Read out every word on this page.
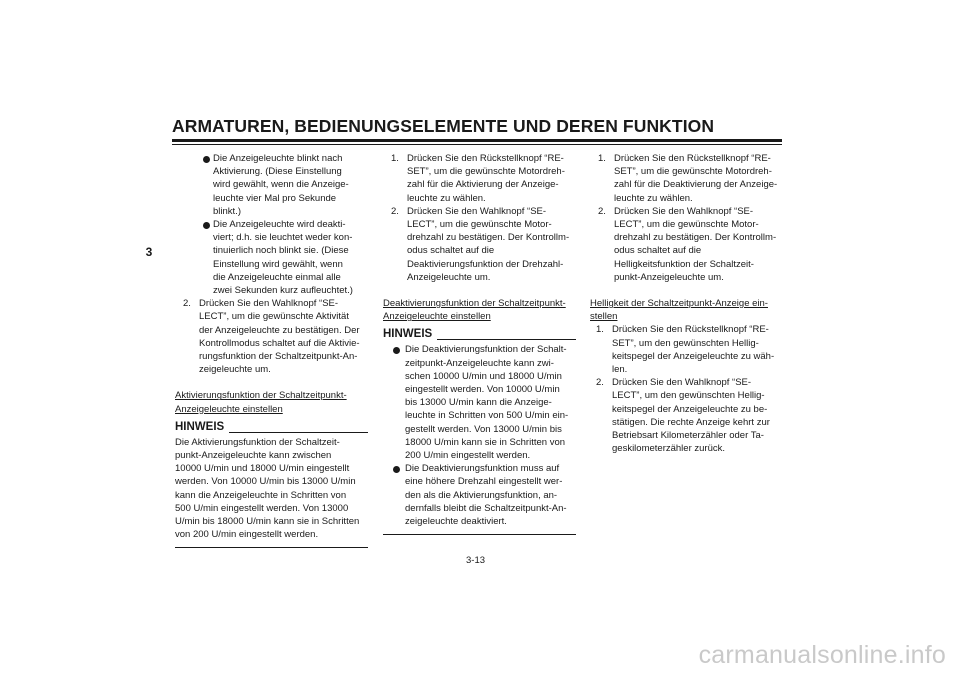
ARMATUREN, BEDIENUNGSELEMENTE UND DEREN FUNKTION
3

Die Anzeigeleuchte blinkt nach
Aktivierung. (Diese Einstellung
wird gewählt, wenn die Anzeige-
leuchte vier Mal pro Sekunde
blinkt.)

Die Anzeigeleuchte wird deakti-
viert; d.h. sie leuchtet weder kon-
tinuierlich noch blinkt sie. (Diese
Einstellung wird gewählt, wenn
die Anzeigeleuchte einmal alle
zwei Sekunden kurz aufleuchtet.)

2. Drücken Sie den Wahlknopf “SE-
LECT”, um die gewünschte Aktivität
der Anzeigeleuchte zu bestätigen. Der
Kontrollmodus schaltet auf die Aktivie-
rungsfunktion der Schaltzeitpunkt-An-
zeigeleuchte um.

Aktivierungsfunktion der Schaltzeitpunkt-
Anzeigeleuchte einstellen

HINWEIS

Die Aktivierungsfunktion der Schaltzeit-
punkt-Anzeigeleuchte kann zwischen
10000 U/min und 18000 U/min eingestellt
werden. Von 10000 U/min bis 13000 U/min
kann die Anzeigeleuchte in Schritten von
500 U/min eingestellt werden. Von 13000
U/min bis 18000 U/min kann sie in Schritten
von 200 U/min eingestellt werden.

1. Drücken Sie den Rückstellknopf “RE-
SET”, um die gewünschte Motordreh-
zahl für die Aktivierung der Anzeige-
leuchte zu wählen.

2. Drücken Sie den Wahlknopf “SE-
LECT”, um die gewünschte Motor-
drehzahl zu bestätigen. Der Kontrollm-
odus schaltet auf die
Deaktivierungsfunktion der Drehzahl-
Anzeigeleuchte um.

Deaktivierungsfunktion der Schaltzeitpunkt-
Anzeigeleuchte einstellen

HINWEIS

Die Deaktivierungsfunktion der Schalt-
zeitpunkt-Anzeigeleuchte kann zwi-
schen 10000 U/min und 18000 U/min
eingestellt werden. Von 10000 U/min
bis 13000 U/min kann die Anzeige-
leuchte in Schritten von 500 U/min ein-
gestellt werden. Von 13000 U/min bis
18000 U/min kann sie in Schritten von
200 U/min eingestellt werden.

Die Deaktivierungsfunktion muss auf
eine höhere Drehzahl eingestellt wer-
den als die Aktivierungsfunktion, an-
dernfalls bleibt die Schaltzeitpunkt-An-
zeigeleuchte deaktiviert.

1. Drücken Sie den Rückstellknopf “RE-
SET”, um die gewünschte Motordreh-
zahl für die Deaktivierung der Anzeige-
leuchte zu wählen.

2. Drücken Sie den Wahlknopf “SE-
LECT”, um die gewünschte Motor-
drehzahl zu bestätigen. Der Kontrollm-
odus schaltet auf die
Helligkeitsfunktion der Schaltzeit-
punkt-Anzeigeleuchte um.

Helligkeit der Schaltzeitpunkt-Anzeige ein-
stellen

1. Drücken Sie den Rückstellknopf “RE-
SET”, um den gewünschten Hellig-
keitspegel der Anzeigeleuchte zu wäh-
len.

2. Drücken Sie den Wahlknopf “SE-
LECT”, um den gewünschten Hellig-
keitspegel der Anzeigeleuchte zu be-
stätigen. Die rechte Anzeige kehrt zur
Betriebsart Kilometerzähler oder Ta-
geskilometerzähler zurück.

3-13
carmanualsonline.info
